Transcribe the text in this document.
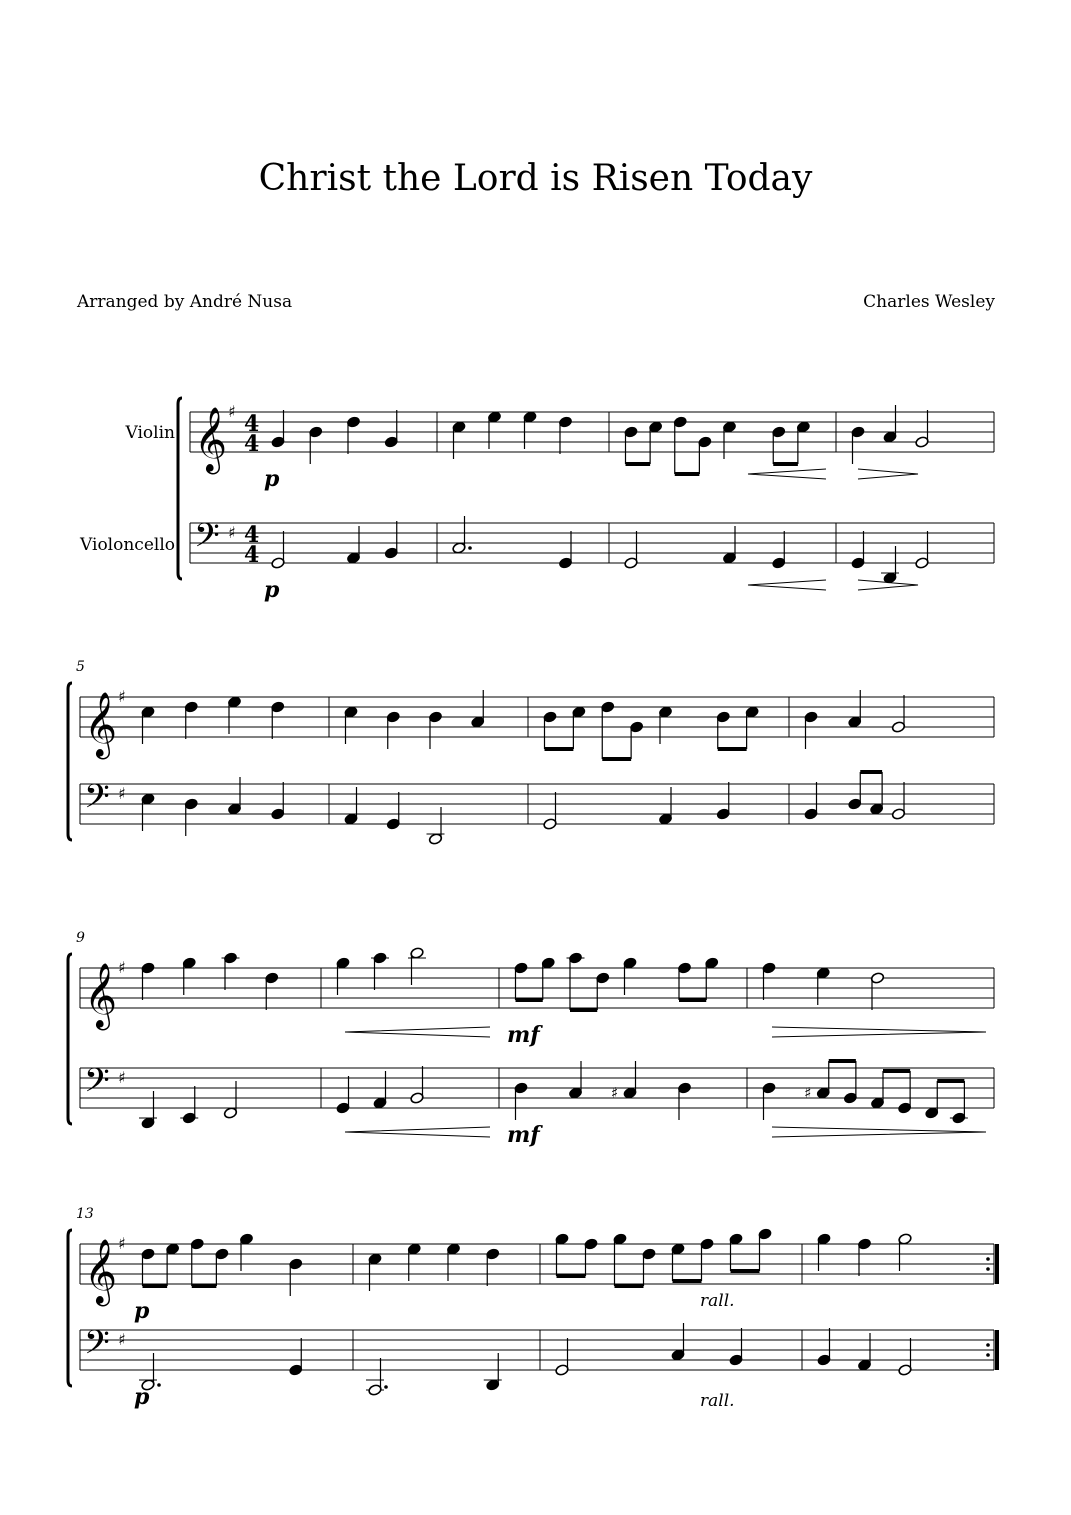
Christ the Lord is Risen Today
Arranged by André Nusa	Charles Wesley
𝄞
𝄢
♯
♯
4
4
4
4
Violin
Violoncello
p
p
𝄞
𝄢
♯
♯
5
𝄞
𝄢
♯
♯
9
♯	♯
mf
mf
𝄞
𝄢
♯
♯
13
p
p
rall.
rall.
